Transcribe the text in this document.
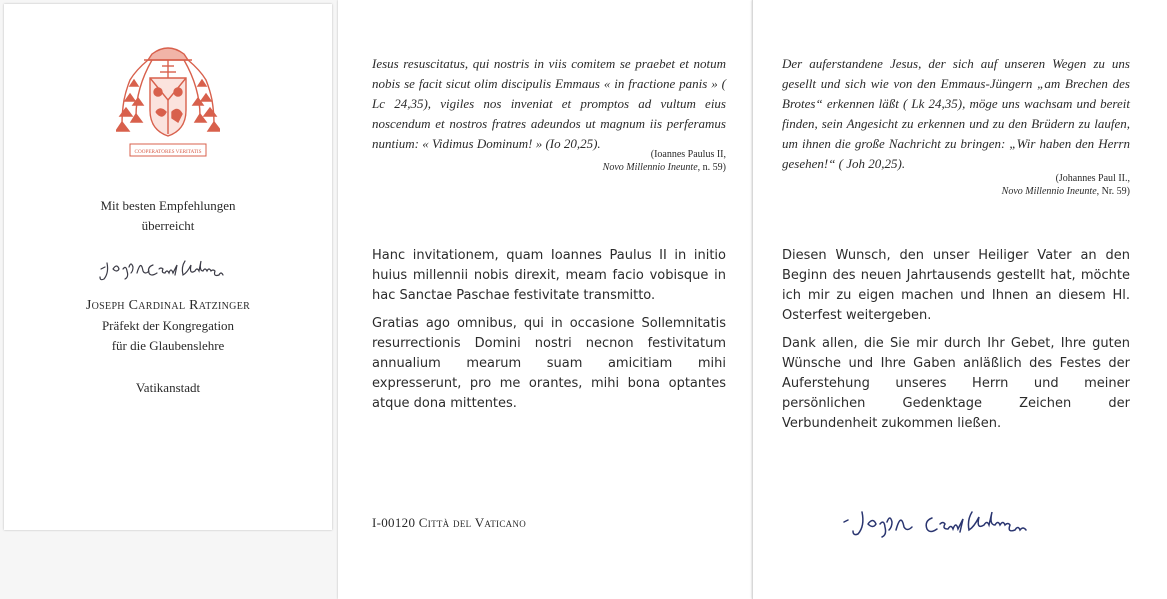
COOPERATORES VERITATIS
Mit besten Empfehlungen
überreicht
Joseph Cardinal Ratzinger
Präfekt der Kongregation
für die Glaubenslehre
Vatikanstadt
Iesus resuscitatus, qui nostris in viis comitem se praebet et notum nobis se facit sicut olim discipulis Emmaus « in fractione panis » ( Lc 24,35), vigiles nos inveniat et promptos ad vultum eius noscendum et nostros fratres adeundos ut magnum iis perferamus nuntium: « Vidimus Dominum! » (Io 20,25).
(Ioannes Paulus II,
Novo Millennio Ineunte, n. 59)

Hanc invitationem, quam Ioannes Paulus II in initio huius millennii nobis direxit, meam facio vobisque in hac Sanctae Paschae festivitate transmitto.

Gratias ago omnibus, qui in occasione Sollemnitatis resurrectionis Domini nostri necnon festivitatum annualium mearum suam amicitiam mihi expresserunt, pro me orantes, mihi bona optantes atque dona mittentes.

I-00120 Città del Vaticano
Der auferstandene Jesus, der sich auf unseren Wegen zu uns gesellt und sich wie von den Emmaus-Jüngern „am Brechen des Brotes“ erkennen läßt ( Lk 24,35), möge uns wachsam und bereit finden, sein Angesicht zu erkennen und zu den Brüdern zu laufen, um ihnen die große Nachricht zu bringen: „Wir haben den Herrn gesehen!“ ( Joh 20,25).
(Johannes Paul II.,
Novo Millennio Ineunte, Nr. 59)

Diesen Wunsch, den unser Heiliger Vater an den Beginn des neuen Jahrtausends gestellt hat, möchte ich mir zu eigen machen und Ihnen an diesem Hl. Osterfest weitergeben.

Dank allen, die Sie mir durch Ihr Gebet, Ihre guten Wünsche und Ihre Gaben anläßlich des Festes der Auferstehung unseres Herrn und meiner persönlichen Gedenktage Zeichen der Verbundenheit zukommen ließen.
